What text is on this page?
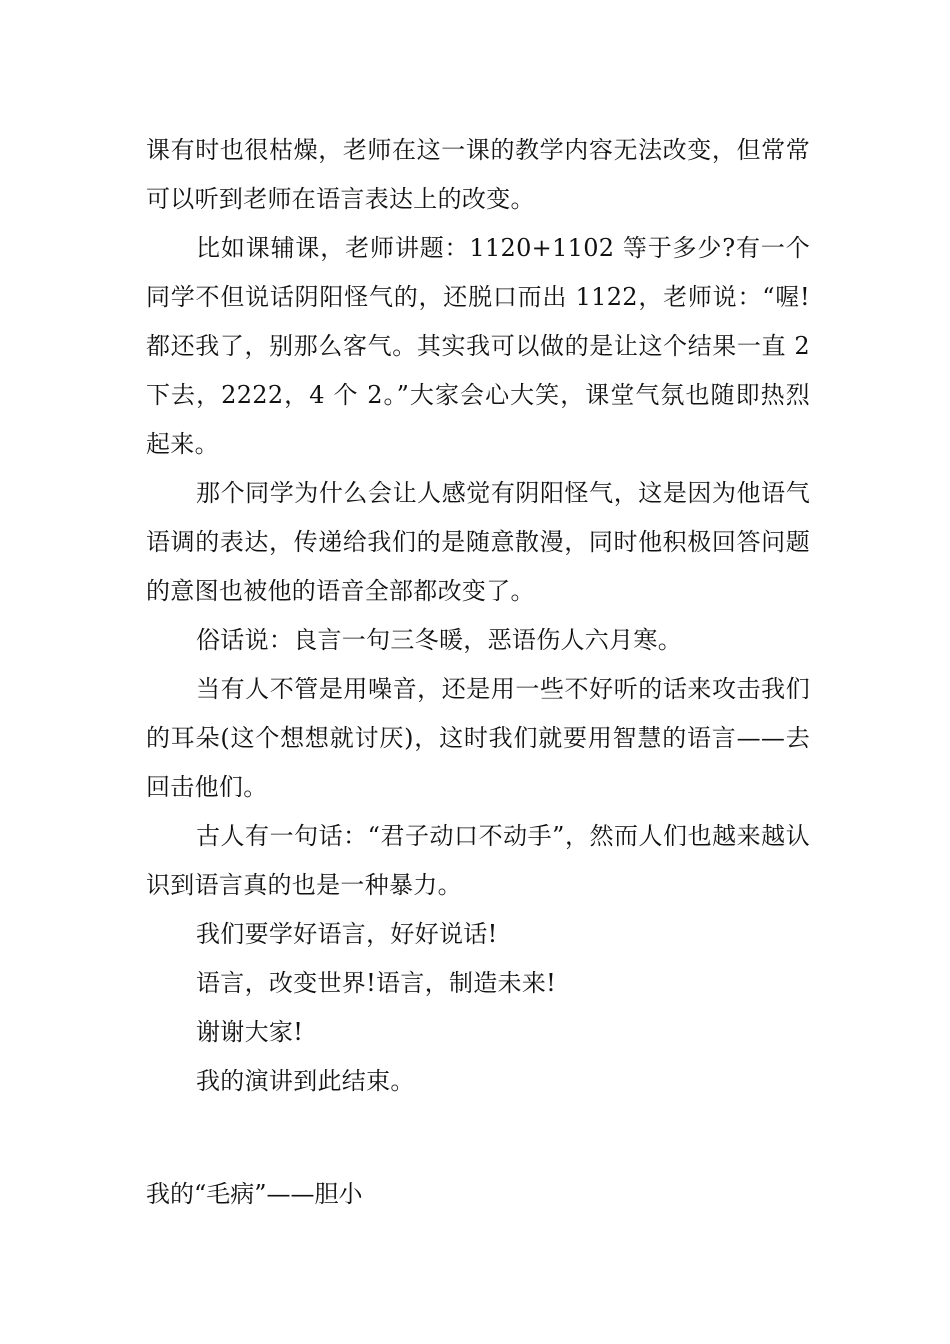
课有时也很枯燥，老师在这一课的教学内容无法改变，但常常可以听到老师在语言表达上的改变。

比如课辅课，老师讲题：1120+1102 等于多少?有一个同学不但说话阴阳怪气的，还脱口而出 1122，老师说：“喔!都还我了，别那么客气。其实我可以做的是让这个结果一直 2 下去，2222，4 个 2。”大家会心大笑，课堂气氛也随即热烈起来。

那个同学为什么会让人感觉有阴阳怪气，这是因为他语气语调的表达，传递给我们的是随意散漫，同时他积极回答问题的意图也被他的语音全部都改变了。

俗话说：良言一句三冬暖，恶语伤人六月寒。

当有人不管是用噪音，还是用一些不好听的话来攻击我们的耳朵(这个想想就讨厌)，这时我们就要用智慧的语言——去回击他们。

古人有一句话：“君子动口不动手”，然而人们也越来越认识到语言真的也是一种暴力。

我们要学好语言，好好说话!

语言，改变世界!语言，制造未来!

谢谢大家!

我的演讲到此结束。

我的“毛病”——胆小
